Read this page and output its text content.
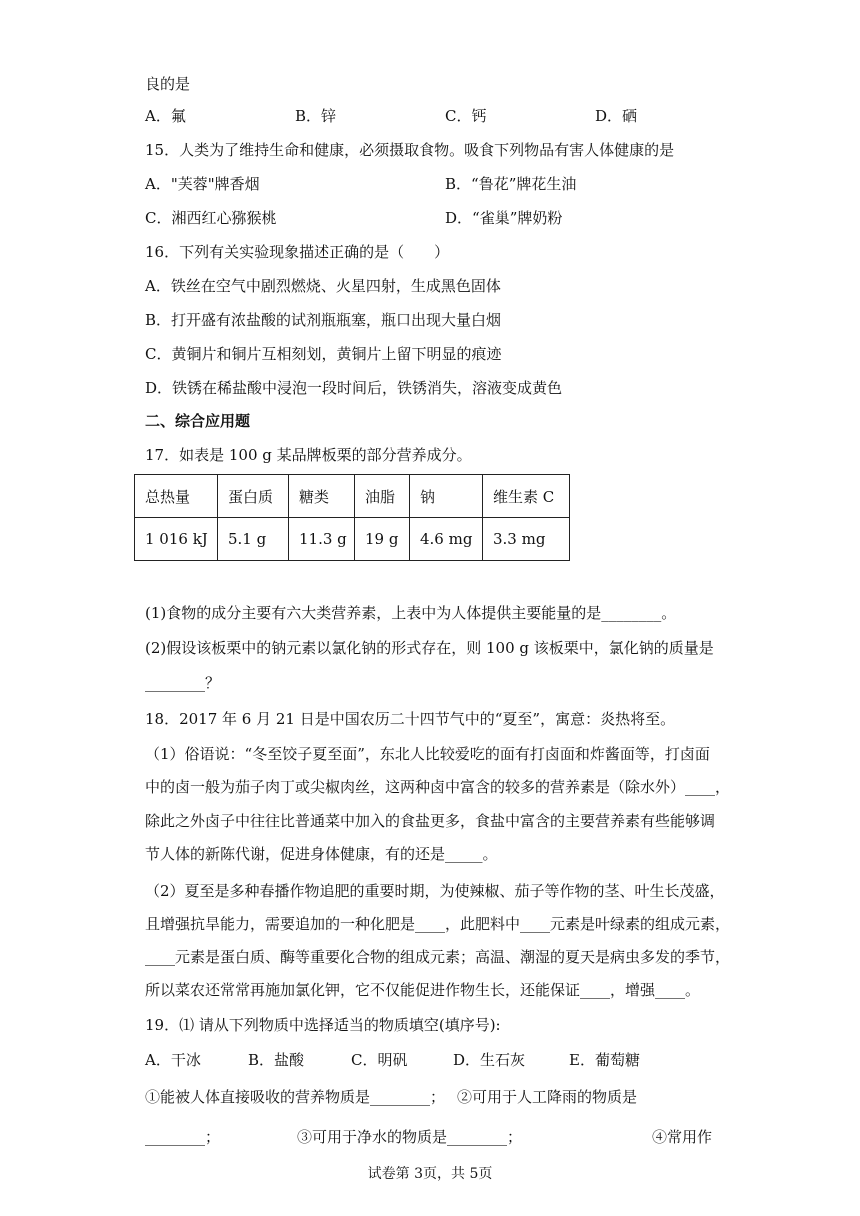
良的是
A．氟	B．锌	C．钙	D．硒
15．人类为了维持生命和健康，必须摄取食物。吸食下列物品有害人体健康的是
A．"芙蓉"牌香烟	B．“鲁花”牌花生油
C．湘西红心猕猴桃	D．“雀巢”牌奶粉
16．下列有关实验现象描述正确的是（　　）
A．铁丝在空气中剧烈燃烧、火星四射，生成黑色固体
B．打开盛有浓盐酸的试剂瓶瓶塞，瓶口出现大量白烟
C．黄铜片和铜片互相刻划，黄铜片上留下明显的痕迹
D．铁锈在稀盐酸中浸泡一段时间后，铁锈消失，溶液变成黄色
二、综合应用题
17．如表是 100 g 某品牌板栗的部分营养成分。
总热量	蛋白质	糖类	油脂	钠	维生素 C
1 016 kJ	5.1 g	11.3 g	19 g	4.6 mg	3.3 mg
(1)食物的成分主要有六大类营养素，上表中为人体提供主要能量的是________。
(2)假设该板栗中的钠元素以氯化钠的形式存在，则 100 g 该板栗中，氯化钠的质量是
________？
18．2017 年 6 月 21 日是中国农历二十四节气中的“夏至”，寓意：炎热将至。
（1）俗语说：“冬至饺子夏至面”，东北人比较爱吃的面有打卤面和炸酱面等，打卤面
中的卤一般为茄子肉丁或尖椒肉丝，这两种卤中富含的较多的营养素是（除水外）____，
除此之外卤子中往往比普通菜中加入的食盐更多，食盐中富含的主要营养素有些能够调
节人体的新陈代谢，促进身体健康，有的还是_____。
（2）夏至是多种春播作物追肥的重要时期，为使辣椒、茄子等作物的茎、叶生长茂盛，
且增强抗旱能力，需要追加的一种化肥是____，此肥料中____元素是叶绿素的组成元素，
____元素是蛋白质、酶等重要化合物的组成元素；高温、潮湿的夏天是病虫多发的季节，
所以菜农还常常再施加氯化钾，它不仅能促进作物生长，还能保证____，增强____。
19．⑴ 请从下列物质中选择适当的物质填空(填序号):
A．干冰	B．盐酸	C．明矾	D．生石灰	E．葡萄糖
①能被人体直接吸收的营养物质是________； ②可用于人工降雨的物质是
________；	③可用于净水的物质是________；	④常用作
试卷第 3页，共 5页
